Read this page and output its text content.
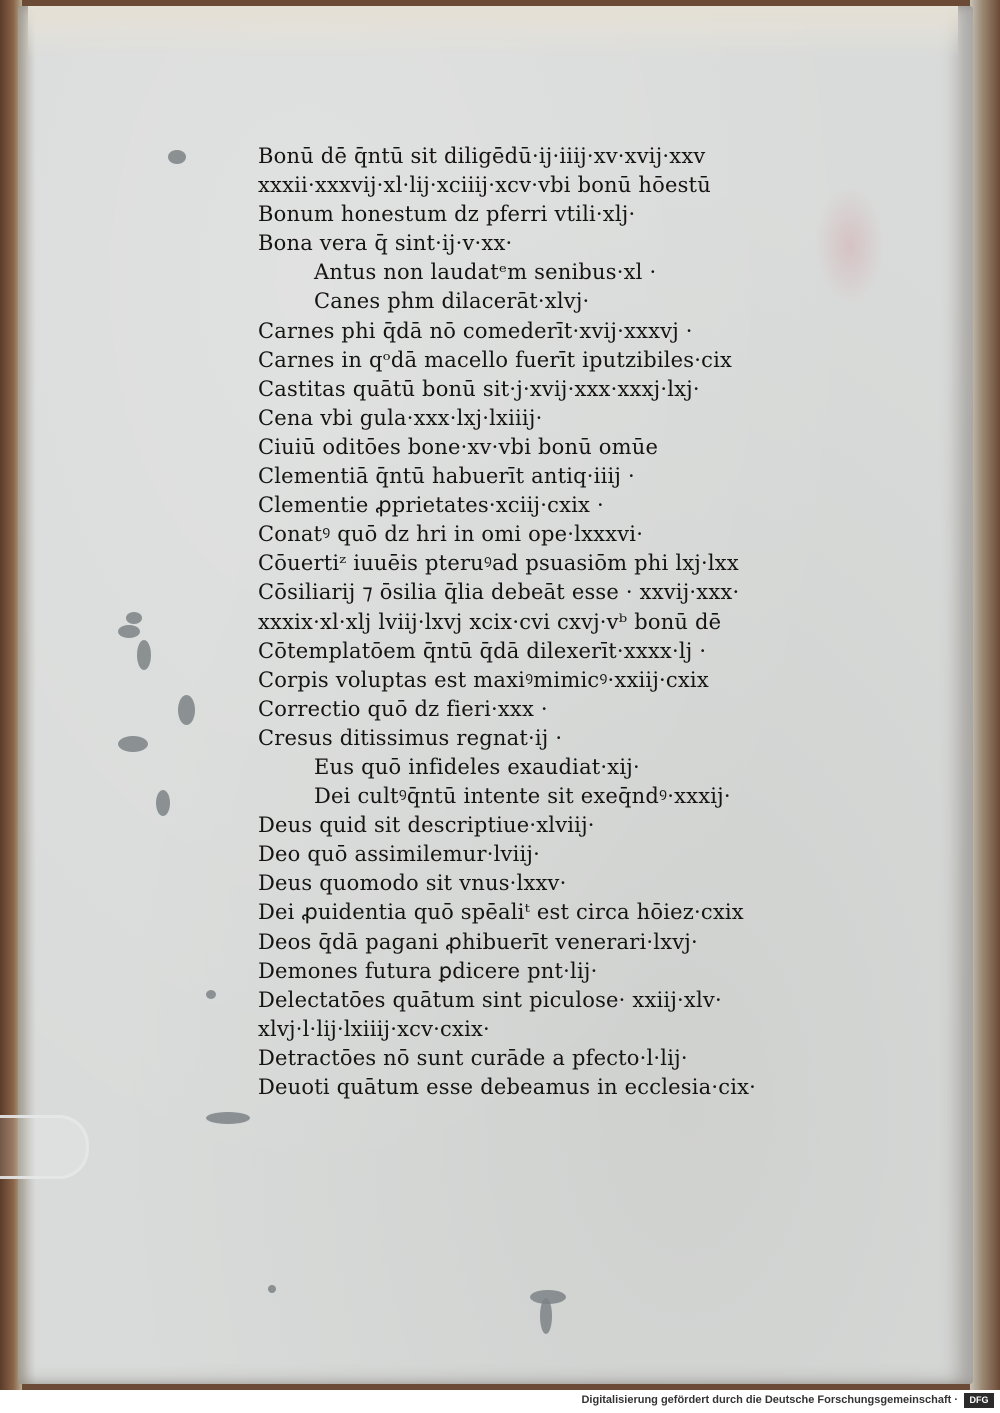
Bonū dē q̄ntū sit diligēdū·ij·iiij·xv·xvij·xxv
xxxii·xxxvij·xl·lij·xciiij·xcv·vbi bonū hōestū
Bonum honestum dz pferri vtili·xlj·
Bona vera q̄ sint·ij·v·xx·
Antus non laudatᵉm senibus·xl ·
Canes phm dilacerāt·xlvj·
Carnes phi q̄dā nō comederīt·xvij·xxxvj ·
Carnes in qᵒdā macello fuerīt iputzibiles·cix
Castitas quātū bonū sit·j·xvij·xxx·xxxj·lxj·
Cena vbi gula·xxx·lxj·lxiiij·
Ciuiū oditōes bone·xv·vbi bonū omūe
Clementiā q̄ntū habuerīt antiq·iiij ·
Clementie ꝓprietates·xciij·cxix ·
Conatꝰ quō dz hri in omi ope·lxxxvi·
Cōuertiᶻ iuuēis pteruꝰad psuasiōm phi lxj·lxx
Cōsiliarij ⁊ ōsilia q̄lia debeāt esse · xxvij·xxx·
xxxix·xl·xlj lviij·lxvj xcix·cvi cxvj·vᵇ bonū dē
Cōtemplatōem q̄ntū q̄dā dilexerīt·xxxx·lj ·
Corpis voluptas est maxiꝰmimicꝰ·xxiij·cxix
Correctio quō dz fieri·xxx ·
Cresus ditissimus regnat·ij ·
Eus quō infideles exaudiat·xij·
Dei cultꝰq̄ntū intente sit exeq̄ndꝰ·xxxij·
Deus quid sit descriptiue·xlviij·
Deo quō assimilemur·lviij·
Deus quomodo sit vnus·lxxv·
Dei ꝓuidentia quō spēaliᵗ est circa hōiez·cxix
Deos q̄dā pagani ꝓhibuerīt venerari·lxvj·
Demones futura ꝑdicere pnt·lij·
Delectatōes quātum sint piculose· xxiij·xlv·
xlvj·l·lij·lxiiij·xcv·cxix·
Detractōes nō sunt curāde a pfecto·l·lij·
Deuoti quātum esse debeamus in ecclesia·cix·
Digitalisierung gefördert durch die Deutsche Forschungsgemeinschaft ·	DFG
